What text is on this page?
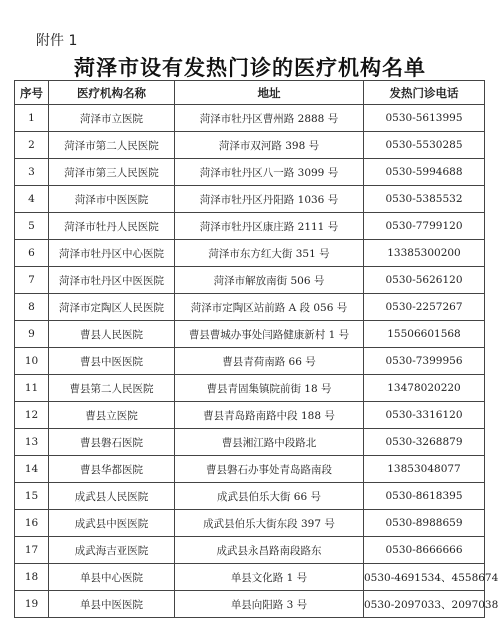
附件 1
菏泽市设有发热门诊的医疗机构名单
序号	医疗机构名称	地址	发热门诊电话
1	菏泽市立医院	菏泽市牡丹区曹州路 2888 号	0530-5613995
2	菏泽市第二人民医院	菏泽市双河路 398 号	0530-5530285
3	菏泽市第三人民医院	菏泽市牡丹区八一路 3099 号	0530-5994688
4	菏泽市中医医院	菏泽市牡丹区丹阳路 1036 号	0530-5385532
5	菏泽市牡丹人民医院	菏泽市牡丹区康庄路 2111 号	0530-7799120
6	菏泽市牡丹区中心医院	菏泽市东方红大街 351 号	13385300200
7	菏泽市牡丹区中医医院	菏泽市解放南街 506 号	0530-5626120
8	菏泽市定陶区人民医院	菏泽市定陶区站前路 A 段 056 号	0530-2257267
9	曹县人民医院	曹县曹城办事处闫路健康新村 1 号	15506601568
10	曹县中医医院	曹县青荷南路 66 号	0530-7399956
11	曹县第二人民医院	曹县青固集镇院前街 18 号	13478020220
12	曹县立医院	曹县青岛路南路中段 188 号	0530-3316120
13	曹县磐石医院	曹县湘江路中段路北	0530-3268879
14	曹县华都医院	曹县磐石办事处青岛路南段	13853048077
15	成武县人民医院	成武县伯乐大街 66 号	0530-8618395
16	成武县中医医院	成武县伯乐大街东段 397 号	0530-8988659
17	成武海吉亚医院	成武县永昌路南段路东	0530-8666666
18	单县中心医院	单县文化路 1 号	0530-4691534、4558674
19	单县中医医院	单县向阳路 3 号	0530-2097033、2097038
